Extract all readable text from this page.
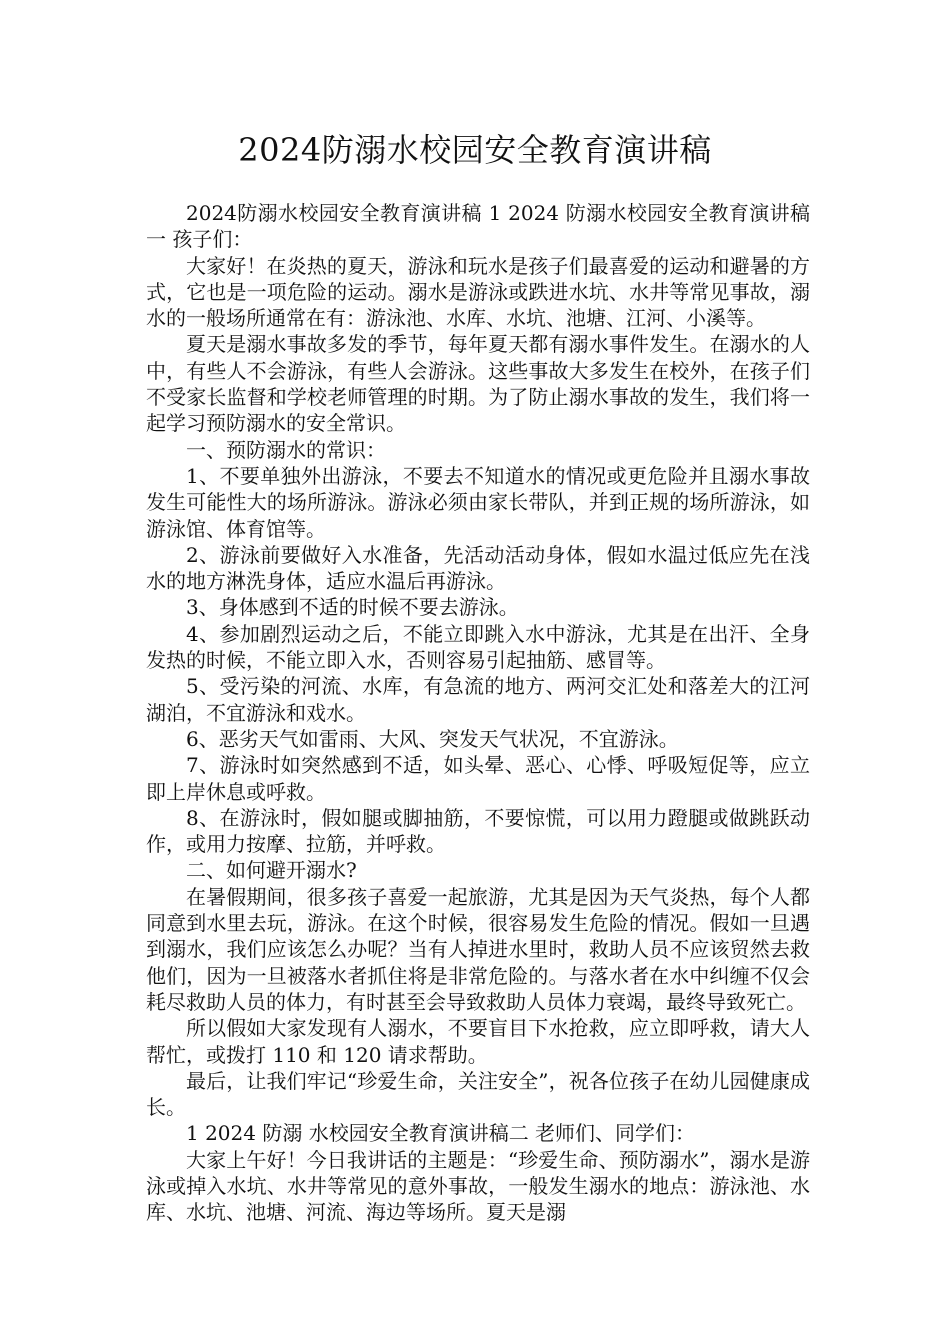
2024防溺水校园安全教育演讲稿

2024防溺水校园安全教育演讲稿 1 2024 防溺水校园安全教育演讲稿一 孩子们：

大家好！在炎热的夏天，游泳和玩水是孩子们最喜爱的运动和避暑的方式，它也是一项危险的运动。溺水是游泳或跌进水坑、水井等常见事故，溺水的一般场所通常在有：游泳池、水库、水坑、池塘、江河、小溪等。

夏天是溺水事故多发的季节，每年夏天都有溺水事件发生。在溺水的人中，有些人不会游泳，有些人会游泳。这些事故大多发生在校外，在孩子们不受家长监督和学校老师管理的时期。为了防止溺水事故的发生，我们将一起学习预防溺水的安全常识。

一、预防溺水的常识：

1、不要单独外出游泳，不要去不知道水的情况或更危险并且溺水事故发生可能性大的场所游泳。游泳必须由家长带队，并到正规的场所游泳，如游泳馆、体育馆等。

2、游泳前要做好入水准备，先活动活动身体，假如水温过低应先在浅水的地方淋洗身体，适应水温后再游泳。

3、身体感到不适的时候不要去游泳。

4、参加剧烈运动之后，不能立即跳入水中游泳，尤其是在出汗、全身发热的时候，不能立即入水，否则容易引起抽筋、感冒等。

5、受污染的河流、水库，有急流的地方、两河交汇处和落差大的江河湖泊，不宜游泳和戏水。

6、恶劣天气如雷雨、大风、突发天气状况，不宜游泳。

7、游泳时如突然感到不适，如头晕、恶心、心悸、呼吸短促等，应立即上岸休息或呼救。

8、在游泳时，假如腿或脚抽筋，不要惊慌，可以用力蹬腿或做跳跃动作，或用力按摩、拉筋，并呼救。

二、如何避开溺水?

在暑假期间，很多孩子喜爱一起旅游，尤其是因为天气炎热，每个人都同意到水里去玩，游泳。在这个时候，很容易发生危险的情况。假如一旦遇到溺水，我们应该怎么办呢？当有人掉进水里时，救助人员不应该贸然去救他们，因为一旦被落水者抓住将是非常危险的。与落水者在水中纠缠不仅会耗尽救助人员的体力，有时甚至会导致救助人员体力衰竭，最终导致死亡。

所以假如大家发现有人溺水，不要盲目下水抢救，应立即呼救，请大人帮忙，或拨打 110 和 120 请求帮助。

最后，让我们牢记“珍爱生命，关注安全”，祝各位孩子在幼儿园健康成长。

1 2024 防溺 水校园安全教育演讲稿二 老师们、同学们：

大家上午好！今日我讲话的主题是：“珍爱生命、预防溺水”，溺水是游泳或掉入水坑、水井等常见的意外事故，一般发生溺水的地点：游泳池、水库、水坑、池塘、河流、海边等场所。夏天是溺
